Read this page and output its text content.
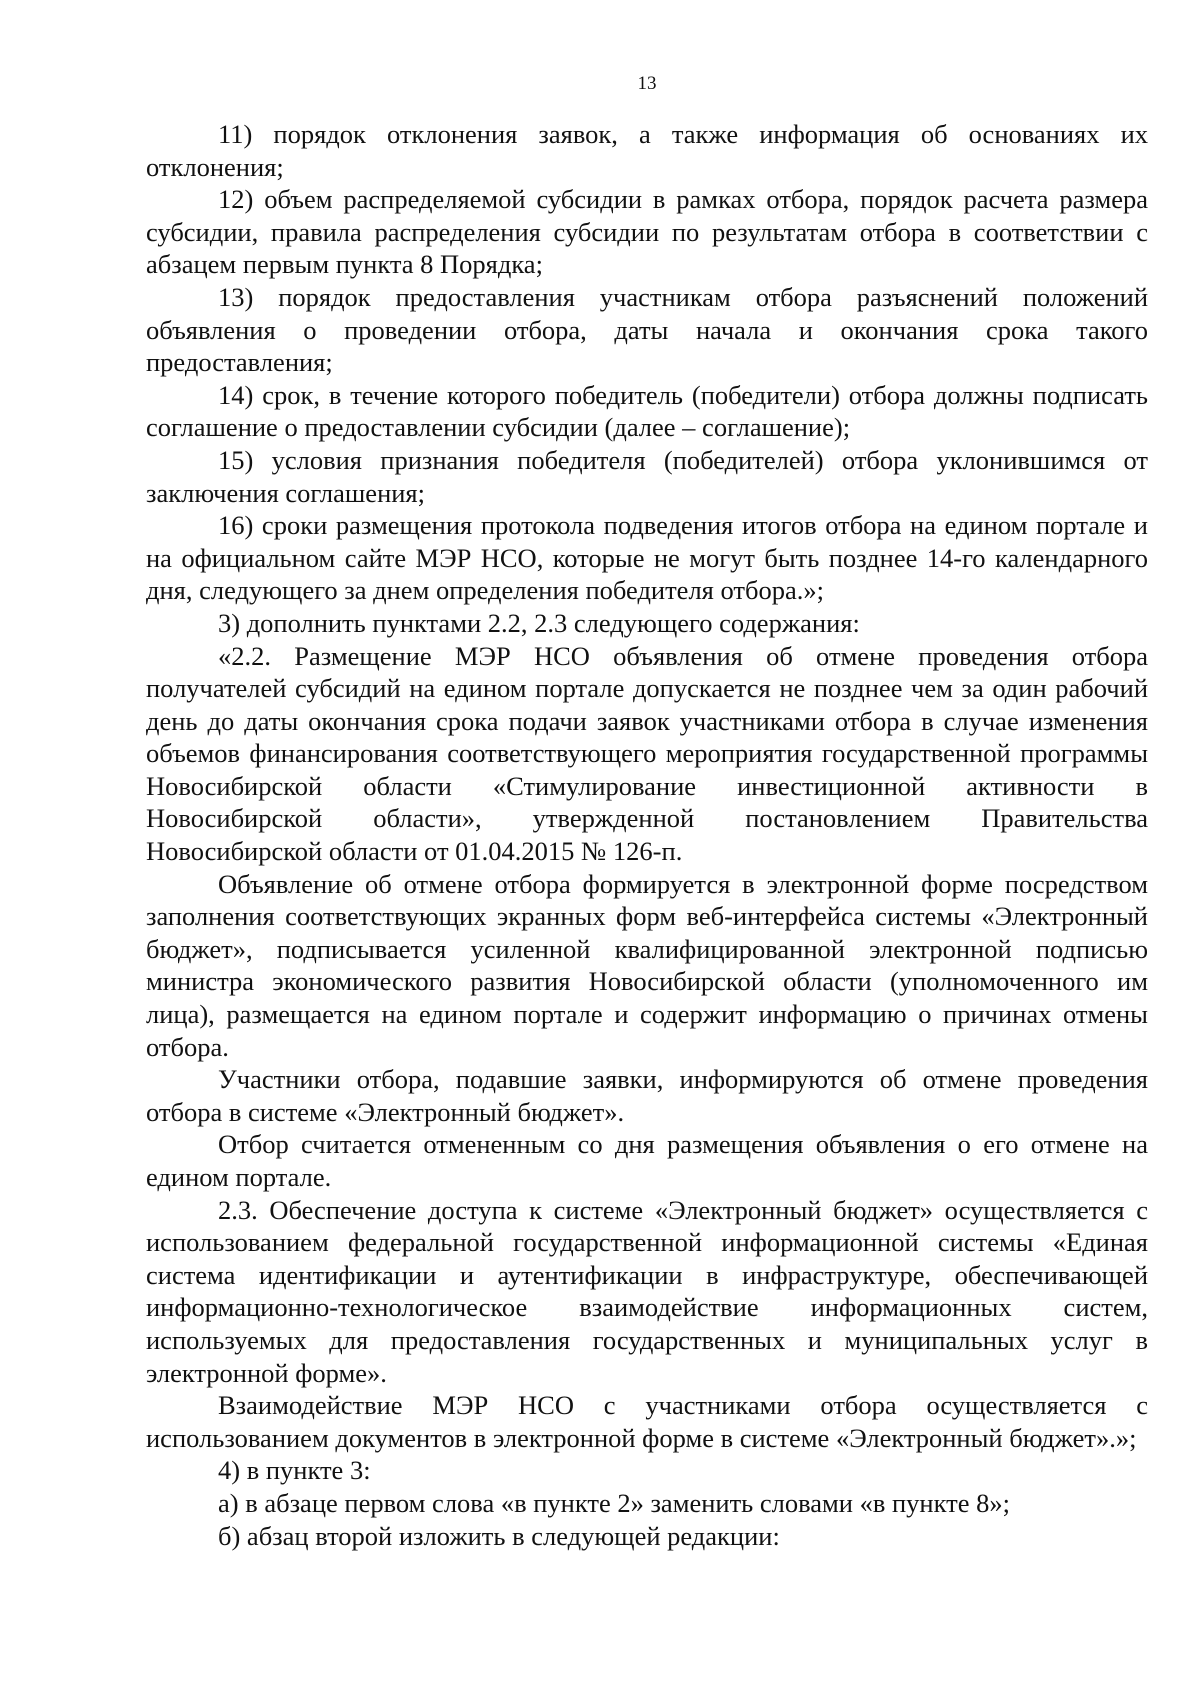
13

11) порядок отклонения заявок, а также информация об основаниях их отклонения;

12) объем распределяемой субсидии в рамках отбора, порядок расчета размера субсидии, правила распределения субсидии по результатам отбора в соответствии с абзацем первым пункта 8 Порядка;

13) порядок предоставления участникам отбора разъяснений положений объявления о проведении отбора, даты начала и окончания срока такого предоставления;

14) срок, в течение которого победитель (победители) отбора должны подписать соглашение о предоставлении субсидии (далее – соглашение);

15) условия признания победителя (победителей) отбора уклонившимся от заключения соглашения;

16) сроки размещения протокола подведения итогов отбора на едином портале и на официальном сайте МЭР НСО, которые не могут быть позднее 14-го календарного дня, следующего за днем определения победителя отбора.»;

3) дополнить пунктами 2.2, 2.3 следующего содержания:

«2.2. Размещение МЭР НСО объявления об отмене проведения отбора получателей субсидий на едином портале допускается не позднее чем за один рабочий день до даты окончания срока подачи заявок участниками отбора в случае изменения объемов финансирования соответствующего мероприятия государственной программы Новосибирской области «Стимулирование инвестиционной активности в Новосибирской области», утвержденной постановлением Правительства Новосибирской области от 01.04.2015 № 126-п.

Объявление об отмене отбора формируется в электронной форме посредством заполнения соответствующих экранных форм веб-интерфейса системы «Электронный бюджет», подписывается усиленной квалифицированной электронной подписью министра экономического развития Новосибирской области (уполномоченного им лица), размещается на едином портале и содержит информацию о причинах отмены отбора.

Участники отбора, подавшие заявки, информируются об отмене проведения отбора в системе «Электронный бюджет».

Отбор считается отмененным со дня размещения объявления о его отмене на едином портале.

2.3. Обеспечение доступа к системе «Электронный бюджет» осуществляется с использованием федеральной государственной информационной системы «Единая система идентификации и аутентификации в инфраструктуре, обеспечивающей информационно-технологическое взаимодействие информационных систем, используемых для предоставления государственных и муниципальных услуг в электронной форме».

Взаимодействие МЭР НСО с участниками отбора осуществляется с использованием документов в электронной форме в системе «Электронный бюджет».»;

4) в пункте 3:

а) в абзаце первом слова «в пункте 2» заменить словами «в пункте 8»;

б) абзац второй изложить в следующей редакции:
